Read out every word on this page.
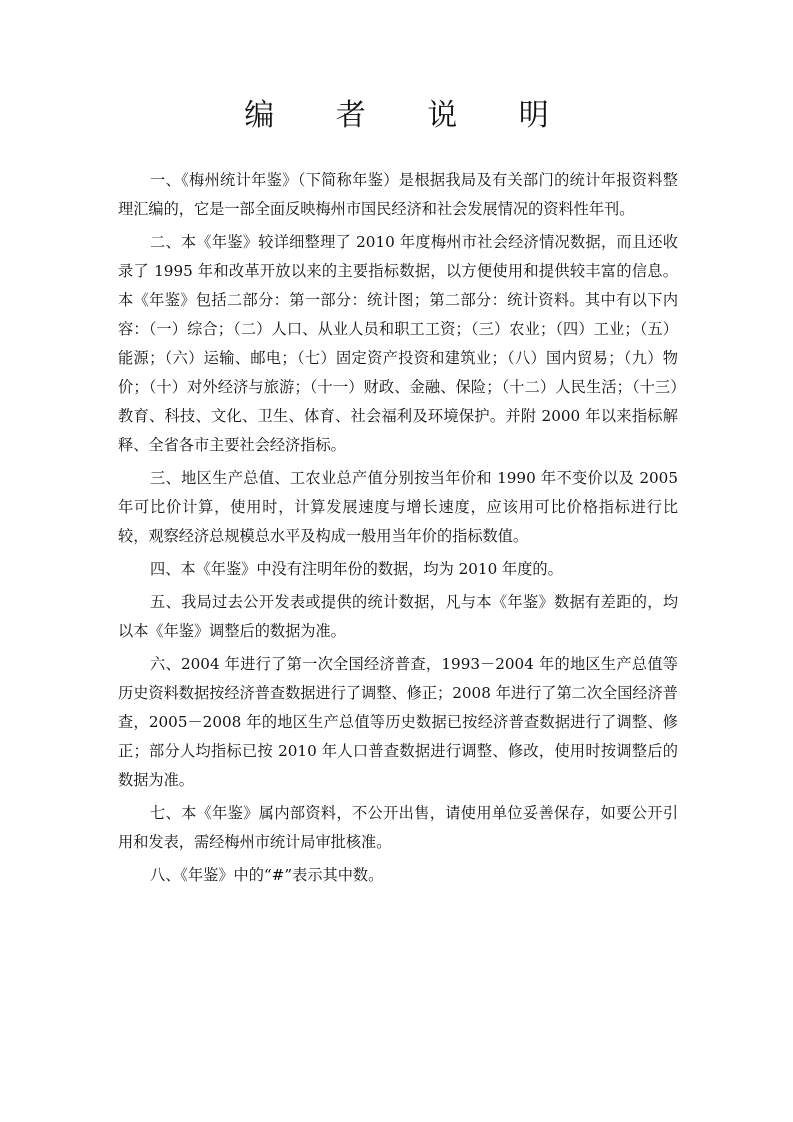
编 者 说 明

一、《梅州统计年鉴》（下简称年鉴）是根据我局及有关部门的统计年报资料整理汇编的，它是一部全面反映梅州市国民经济和社会发展情况的资料性年刊。

二、本《年鉴》较详细整理了 2010 年度梅州市社会经济情况数据，而且还收录了 1995 年和改革开放以来的主要指标数据，以方便使用和提供较丰富的信息。本《年鉴》包括二部分：第一部分：统计图；第二部分：统计资料。其中有以下内容：（一）综合；（二）人口、从业人员和职工工资；（三）农业；（四）工业；（五）能源；（六）运输、邮电；（七）固定资产投资和建筑业；（八）国内贸易；（九）物价；（十）对外经济与旅游；（十一）财政、金融、保险；（十二）人民生活；（十三）教育、科技、文化、卫生、体育、社会福利及环境保护。并附 2000 年以来指标解释、全省各市主要社会经济指标。

三、地区生产总值、工农业总产值分别按当年价和 1990 年不变价以及 2005 年可比价计算，使用时，计算发展速度与增长速度，应该用可比价格指标进行比较，观察经济总规模总水平及构成一般用当年价的指标数值。

四、本《年鉴》中没有注明年份的数据，均为 2010 年度的。

五、我局过去公开发表或提供的统计数据，凡与本《年鉴》数据有差距的，均以本《年鉴》调整后的数据为准。

六、2004 年进行了第一次全国经济普查，1993－2004 年的地区生产总值等历史资料数据按经济普查数据进行了调整、修正；2008 年进行了第二次全国经济普查，2005－2008 年的地区生产总值等历史数据已按经济普查数据进行了调整、修正；部分人均指标已按 2010 年人口普查数据进行调整、修改，使用时按调整后的数据为准。

七、本《年鉴》属内部资料，不公开出售，请使用单位妥善保存，如要公开引用和发表，需经梅州市统计局审批核准。

八、《年鉴》中的“#”表示其中数。
